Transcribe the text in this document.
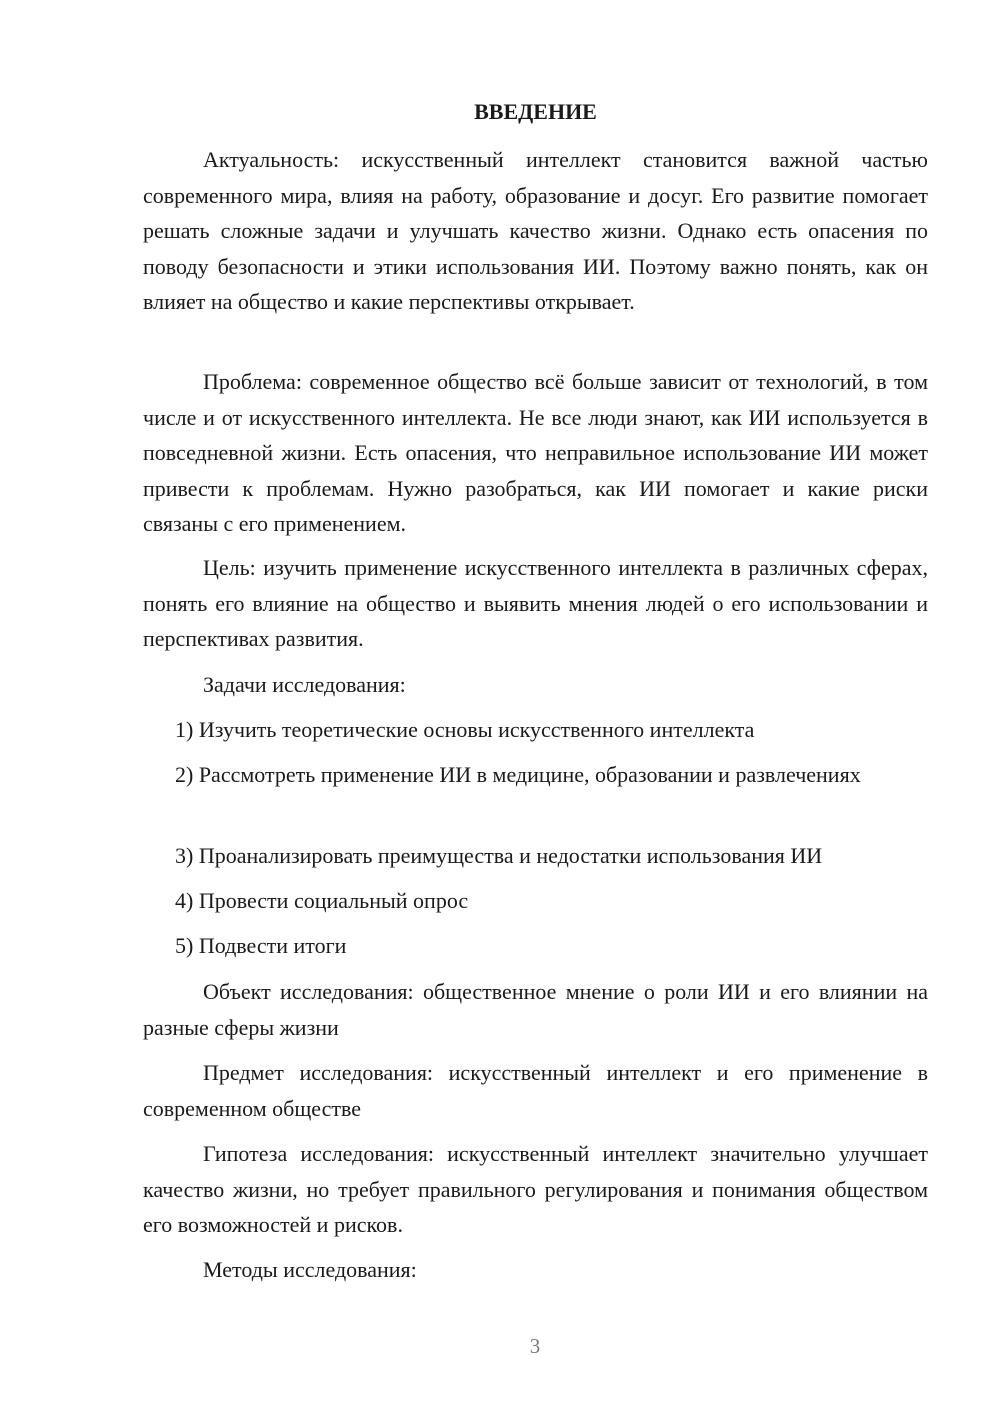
ВВЕДЕНИЕ

Актуальность: искусственный интеллект становится важной частью современного мира, влияя на работу, образование и досуг. Его развитие помогает решать сложные задачи и улучшать качество жизни. Однако есть опасения по поводу безопасности и этики использования ИИ. Поэтому важно понять, как он влияет на общество и какие перспективы открывает.

Проблема: современное общество всё больше зависит от технологий, в том числе и от искусственного интеллекта. Не все люди знают, как ИИ используется в повседневной жизни. Есть опасения, что неправильное использование ИИ может привести к проблемам. Нужно разобраться, как ИИ помогает и какие риски связаны с его применением.

Цель: изучить применение искусственного интеллекта в различных сферах, понять его влияние на общество и выявить мнения людей о его использовании и перспективах развития.

Задачи исследования:

1) Изучить теоретические основы искусственного интеллекта

2) Рассмотреть применение ИИ в медицине, образовании и развлечениях

3) Проанализировать преимущества и недостатки использования ИИ

4) Провести социальный опрос

5) Подвести итоги

Объект исследования: общественное мнение о роли ИИ и его влиянии на разные сферы жизни

Предмет исследования: искусственный интеллект и его применение в современном обществе

Гипотеза исследования: искусственный интеллект значительно улучшает качество жизни, но требует правильного регулирования и понимания обществом его возможностей и рисков.

Методы исследования:

3
